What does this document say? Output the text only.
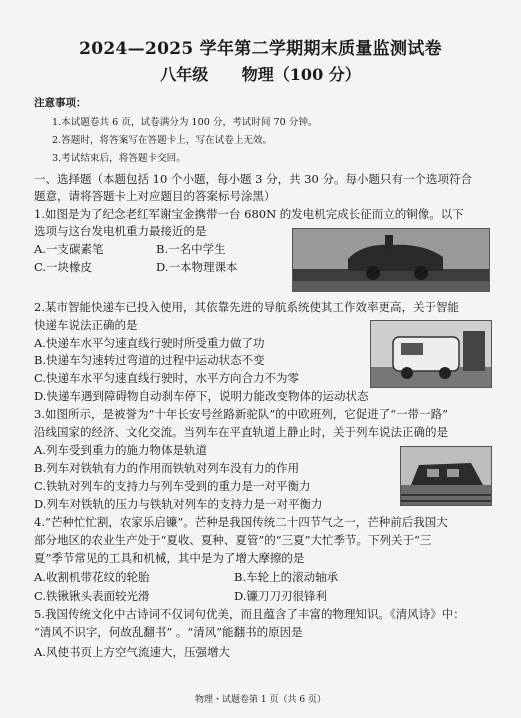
2024—2025 学年第二学期期末质量监测试卷
八年级 物理（100 分）
注意事项：
1.本试题卷共 6 页，试卷满分为 100 分，考试时间 70 分钟。
2.答题时，将答案写在答题卡上，写在试卷上无效。
3.考试结束后，将答题卡交回。
一、选择题（本题包括 10 个小题，每小题 3 分，共 30 分。每小题只有一个选项符合
题意，请将答题卡上对应题目的答案标号涂黑）
1.如图是为了纪念老红军谢宝金携带一台 680N 的发电机完成长征而立的铜像。以下
选项与这台发电机重力最接近的是
A.一支碳素笔	B.一名中学生
C.一块橡皮	D.一本物理课本
2.某市智能快递车已投入使用，其依靠先进的导航系统使其工作效率更高，关于智能
快递车说法正确的是
A.快递车水平匀速直线行驶时所受重力做了功
B.快递车匀速转过弯道的过程中运动状态不变
C.快递车水平匀速直线行驶时，水平方向合力不为零
D.快递车遇到障碍物自动刹车停下，说明力能改变物体的运动状态
3.如图所示，是被誉为“十年长安号丝路新驼队”的中欧班列，它促进了“一带一路”
沿线国家的经济、文化交流。当列车在平直轨道上静止时，关于列车说法正确的是
A.列车受到重力的施力物体是轨道
B.列车对铁轨有力的作用而铁轨对列车没有力的作用
C.铁轨对列车的支持力与列车受到的重力是一对平衡力
D.列车对铁轨的压力与铁轨对列车的支持力是一对平衡力
4.“芒种忙忙割，农家乐启镰”。芒种是我国传统二十四节气之一，芒种前后我国大
部分地区的农业生产处于“夏收、夏种、夏管”的“三夏”大忙季节。下列关于“三
夏”季节常见的工具和机械，其中是为了增大摩擦的是
A.收割机带花纹的轮胎	B.车轮上的滚动轴承
C.铁锹锹头表面较光滑	D.镰刀刀刃很锋利
5.我国传统文化中古诗词不仅词句优美，而且蕴含了丰富的物理知识。《清风诗》中：
“清风不识字，何故乱翻书” 。“清风”能翻书的原因是
A.风使书页上方空气流速大，压强增大
物理・试题卷第 1 页（共 6 页）
